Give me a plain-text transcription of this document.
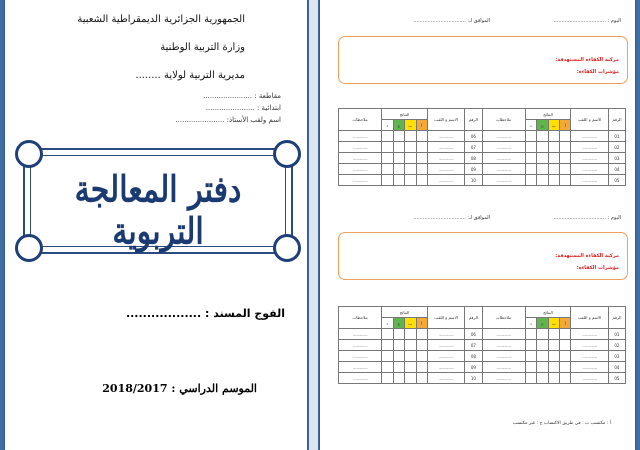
الجمهورية الجزائرية الديمقراطية الشعبية
وزارة التربية الوطنية
مديرية التربية لولاية ........
مقاطعة : ......................
ابتدائية : ......................
اسم ولقب الأستاذ: ......................
دفتر المعالجة التربوية
الفوج المسند : ..................
الموسم الدراسي : 2018/2017
اليوم : .................................
الموافق لـ: .................................
مركبة الكفاءة المستهدفة:
مؤشرات الكفاءة:
الرقم	الاسم و اللقب	النتائج				ملاحظات	الرقم	الاسم و اللقب	النتائج				ملاحظات
		أ	ب	ج	د				أ	ب	ج	د	
01	...................					...................	06	...................					...................
02	...................					...................	07	...................					...................
03	...................					...................	08	...................					...................
04	...................					...................	09	...................					...................
05	...................					...................	10	...................					...................
اليوم : .................................
الموافق لـ: .................................
مركبة الكفاءة المستهدفة:
مؤشرات الكفاءة:
الرقم	الاسم و اللقب	النتائج				ملاحظات	الرقم	الاسم و اللقب	النتائج				ملاحظات
		أ	ب	ج	د				أ	ب	ج	د	
01	...................					...................	06	...................					...................
02	...................					...................	07	...................					...................
03	...................					...................	08	...................					...................
04	...................					...................	09	...................					...................
05	...................					...................	10	...................					...................
أ : مكتسب ب : في طريق الاكتساب ج : غير مكتسب
